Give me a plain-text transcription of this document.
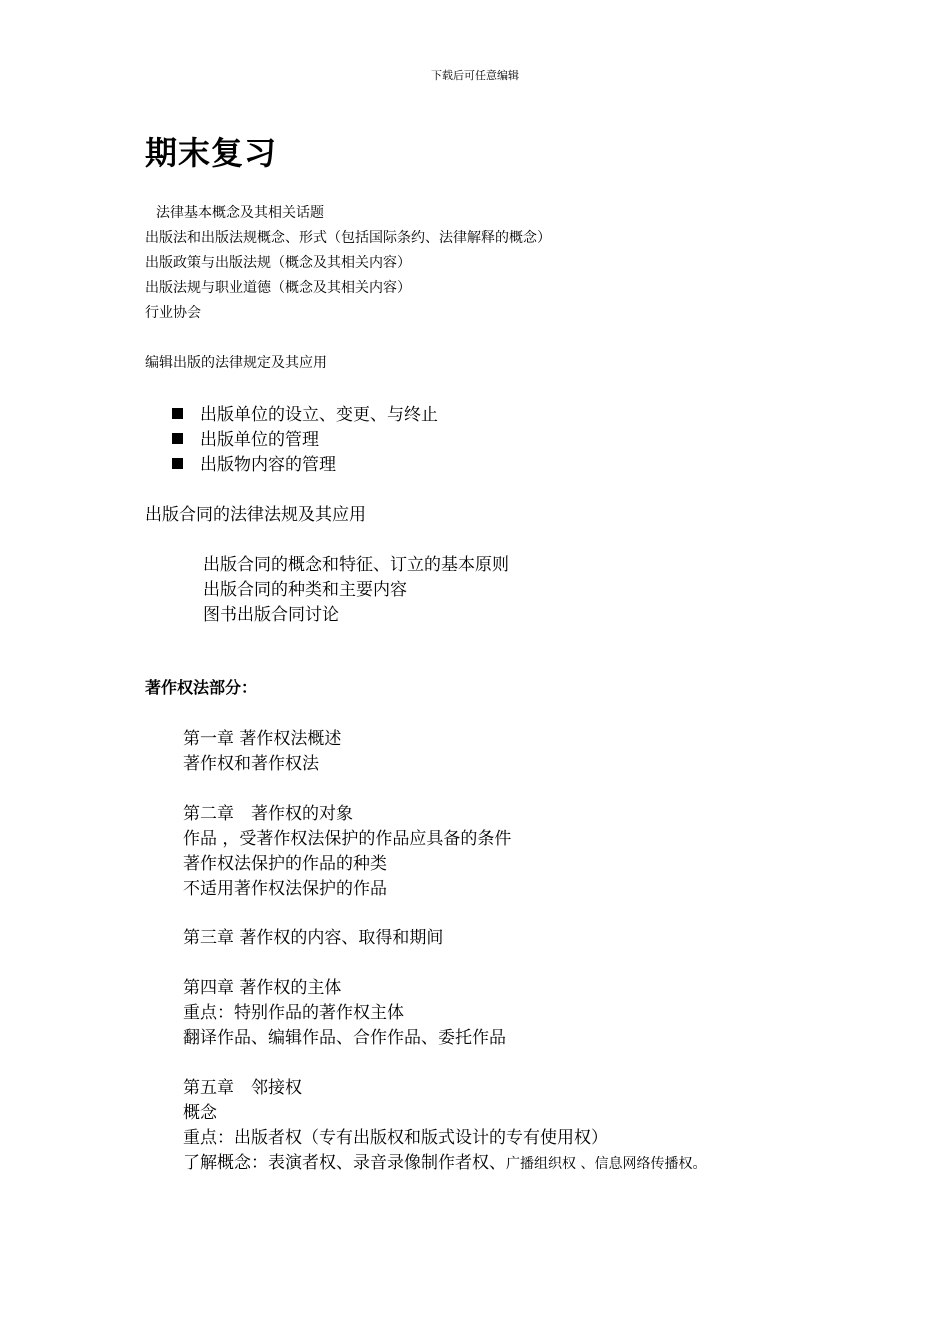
下载后可任意编辑
期末复习
法律基本概念及其相关话题
出版法和出版法规概念、形式（包括国际条约、法律解释的概念）
出版政策与出版法规（概念及其相关内容）
出版法规与职业道德（概念及其相关内容）
行业协会
编辑出版的法律规定及其应用
出版单位的设立、变更、与终止
出版单位的管理
出版物内容的管理
出版合同的法律法规及其应用
出版合同的概念和特征、订立的基本原则
出版合同的种类和主要内容
图书出版合同讨论
著作权法部分：
第一章 著作权法概述
著作权和著作权法
第二章　著作权的对象
作品 ，受著作权法保护的作品应具备的条件
著作权法保护的作品的种类
不适用著作权法保护的作品
第三章 著作权的内容、取得和期间
第四章 著作权的主体
重点：特别作品的著作权主体
翻译作品、编辑作品、合作作品、委托作品
第五章　邻接权
概念
重点：出版者权（专有出版权和版式设计的专有使用权）
了解概念：表演者权、录音录像制作者权、广播组织权 、信息网络传播权。
